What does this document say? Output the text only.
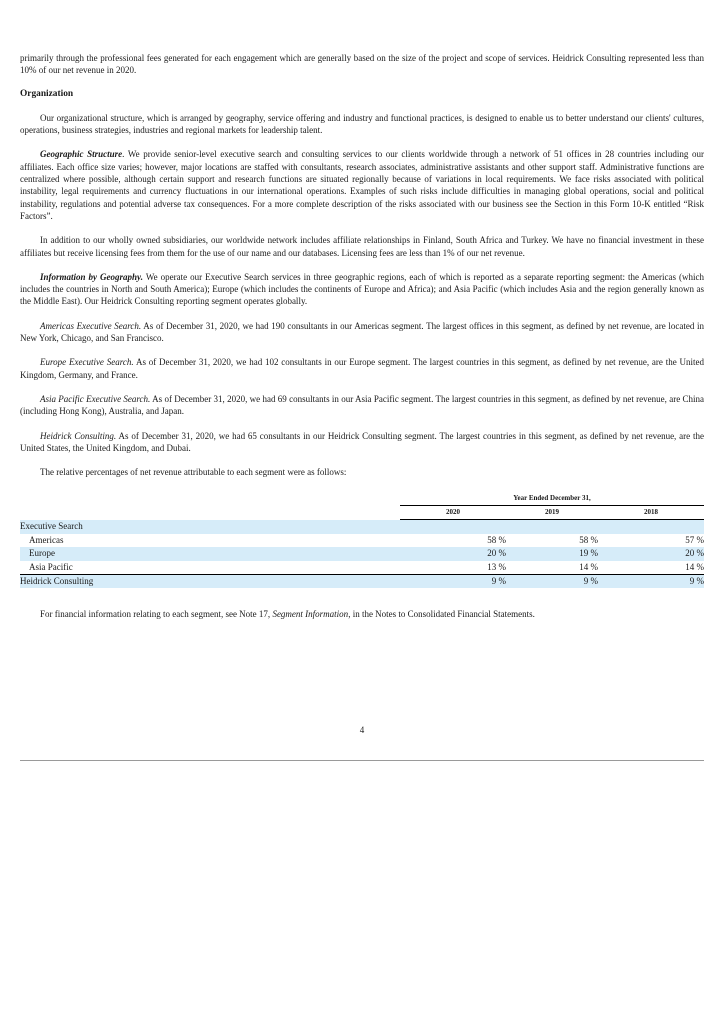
primarily through the professional fees generated for each engagement which are generally based on the size of the project and scope of services. Heidrick Consulting represented less than 10% of our net revenue in 2020.

Organization

Our organizational structure, which is arranged by geography, service offering and industry and functional practices, is designed to enable us to better understand our clients' cultures, operations, business strategies, industries and regional markets for leadership talent.

Geographic Structure. We provide senior-level executive search and consulting services to our clients worldwide through a network of 51 offices in 28 countries including our affiliates. Each office size varies; however, major locations are staffed with consultants, research associates, administrative assistants and other support staff. Administrative functions are centralized where possible, although certain support and research functions are situated regionally because of variations in local requirements. We face risks associated with political instability, legal requirements and currency fluctuations in our international operations. Examples of such risks include difficulties in managing global operations, social and political instability, regulations and potential adverse tax consequences. For a more complete description of the risks associated with our business see the Section in this Form 10-K entitled “Risk Factors”.

In addition to our wholly owned subsidiaries, our worldwide network includes affiliate relationships in Finland, South Africa and Turkey. We have no financial investment in these affiliates but receive licensing fees from them for the use of our name and our databases. Licensing fees are less than 1% of our net revenue.

Information by Geography. We operate our Executive Search services in three geographic regions, each of which is reported as a separate reporting segment: the Americas (which includes the countries in North and South America); Europe (which includes the continents of Europe and Africa); and Asia Pacific (which includes Asia and the region generally known as the Middle East). Our Heidrick Consulting reporting segment operates globally.

Americas Executive Search. As of December 31, 2020, we had 190 consultants in our Americas segment. The largest offices in this segment, as defined by net revenue, are located in New York, Chicago, and San Francisco.

Europe Executive Search. As of December 31, 2020, we had 102 consultants in our Europe segment. The largest countries in this segment, as defined by net revenue, are the United Kingdom, Germany, and France.

Asia Pacific Executive Search. As of December 31, 2020, we had 69 consultants in our Asia Pacific segment. The largest countries in this segment, as defined by net revenue, are China (including Hong Kong), Australia, and Japan.

Heidrick Consulting. As of December 31, 2020, we had 65 consultants in our Heidrick Consulting segment. The largest countries in this segment, as defined by net revenue, are the United States, the United Kingdom, and Dubai.

The relative percentages of net revenue attributable to each segment were as follows:

	Year Ended December 31,		
	2020	2019	2018
Executive Search			
Americas	58 %	58 %	57 %
Europe	20 %	19 %	20 %
Asia Pacific	13 %	14 %	14 %
Heidrick Consulting	9 %	9 %	9 %

For financial information relating to each segment, see Note 17, Segment Information, in the Notes to Consolidated Financial Statements.

4
